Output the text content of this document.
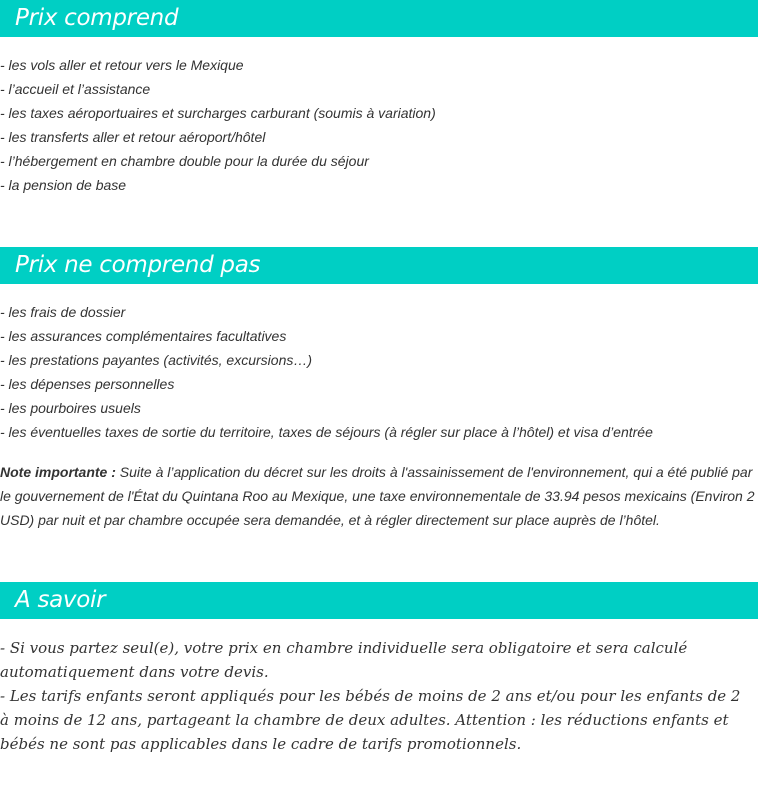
Prix comprend
- les vols aller et retour vers le Mexique
- l’accueil et l’assistance
- les taxes aéroportuaires et surcharges carburant (soumis à variation)
- les transferts aller et retour aéroport/hôtel
- l’hébergement en chambre double pour la durée du séjour
- la pension de base
Prix ne comprend pas
- les frais de dossier
- les assurances complémentaires facultatives
- les prestations payantes (activités, excursions…)
- les dépenses personnelles
- les pourboires usuels
- les éventuelles taxes de sortie du territoire, taxes de séjours (à régler sur place à l’hôtel) et visa d’entrée

Note importante : Suite à l’application du décret sur les droits à l'assainissement de l'environnement, qui a été publié par le gouvernement de l'État du Quintana Roo au Mexique, une taxe environnementale de 33.94 pesos mexicains (Environ 2 USD) par nuit et par chambre occupée sera demandée, et à régler directement sur place auprès de l’hôtel.

A savoir

- Si vous partez seul(e), votre prix en chambre individuelle sera obligatoire et sera calculé automatiquement dans votre devis.

- Les tarifs enfants seront appliqués pour les bébés de moins de 2 ans et/ou pour les enfants de 2 à moins de 12 ans, partageant la chambre de deux adultes. Attention : les réductions enfants et bébés ne sont pas applicables dans le cadre de tarifs promotionnels.
